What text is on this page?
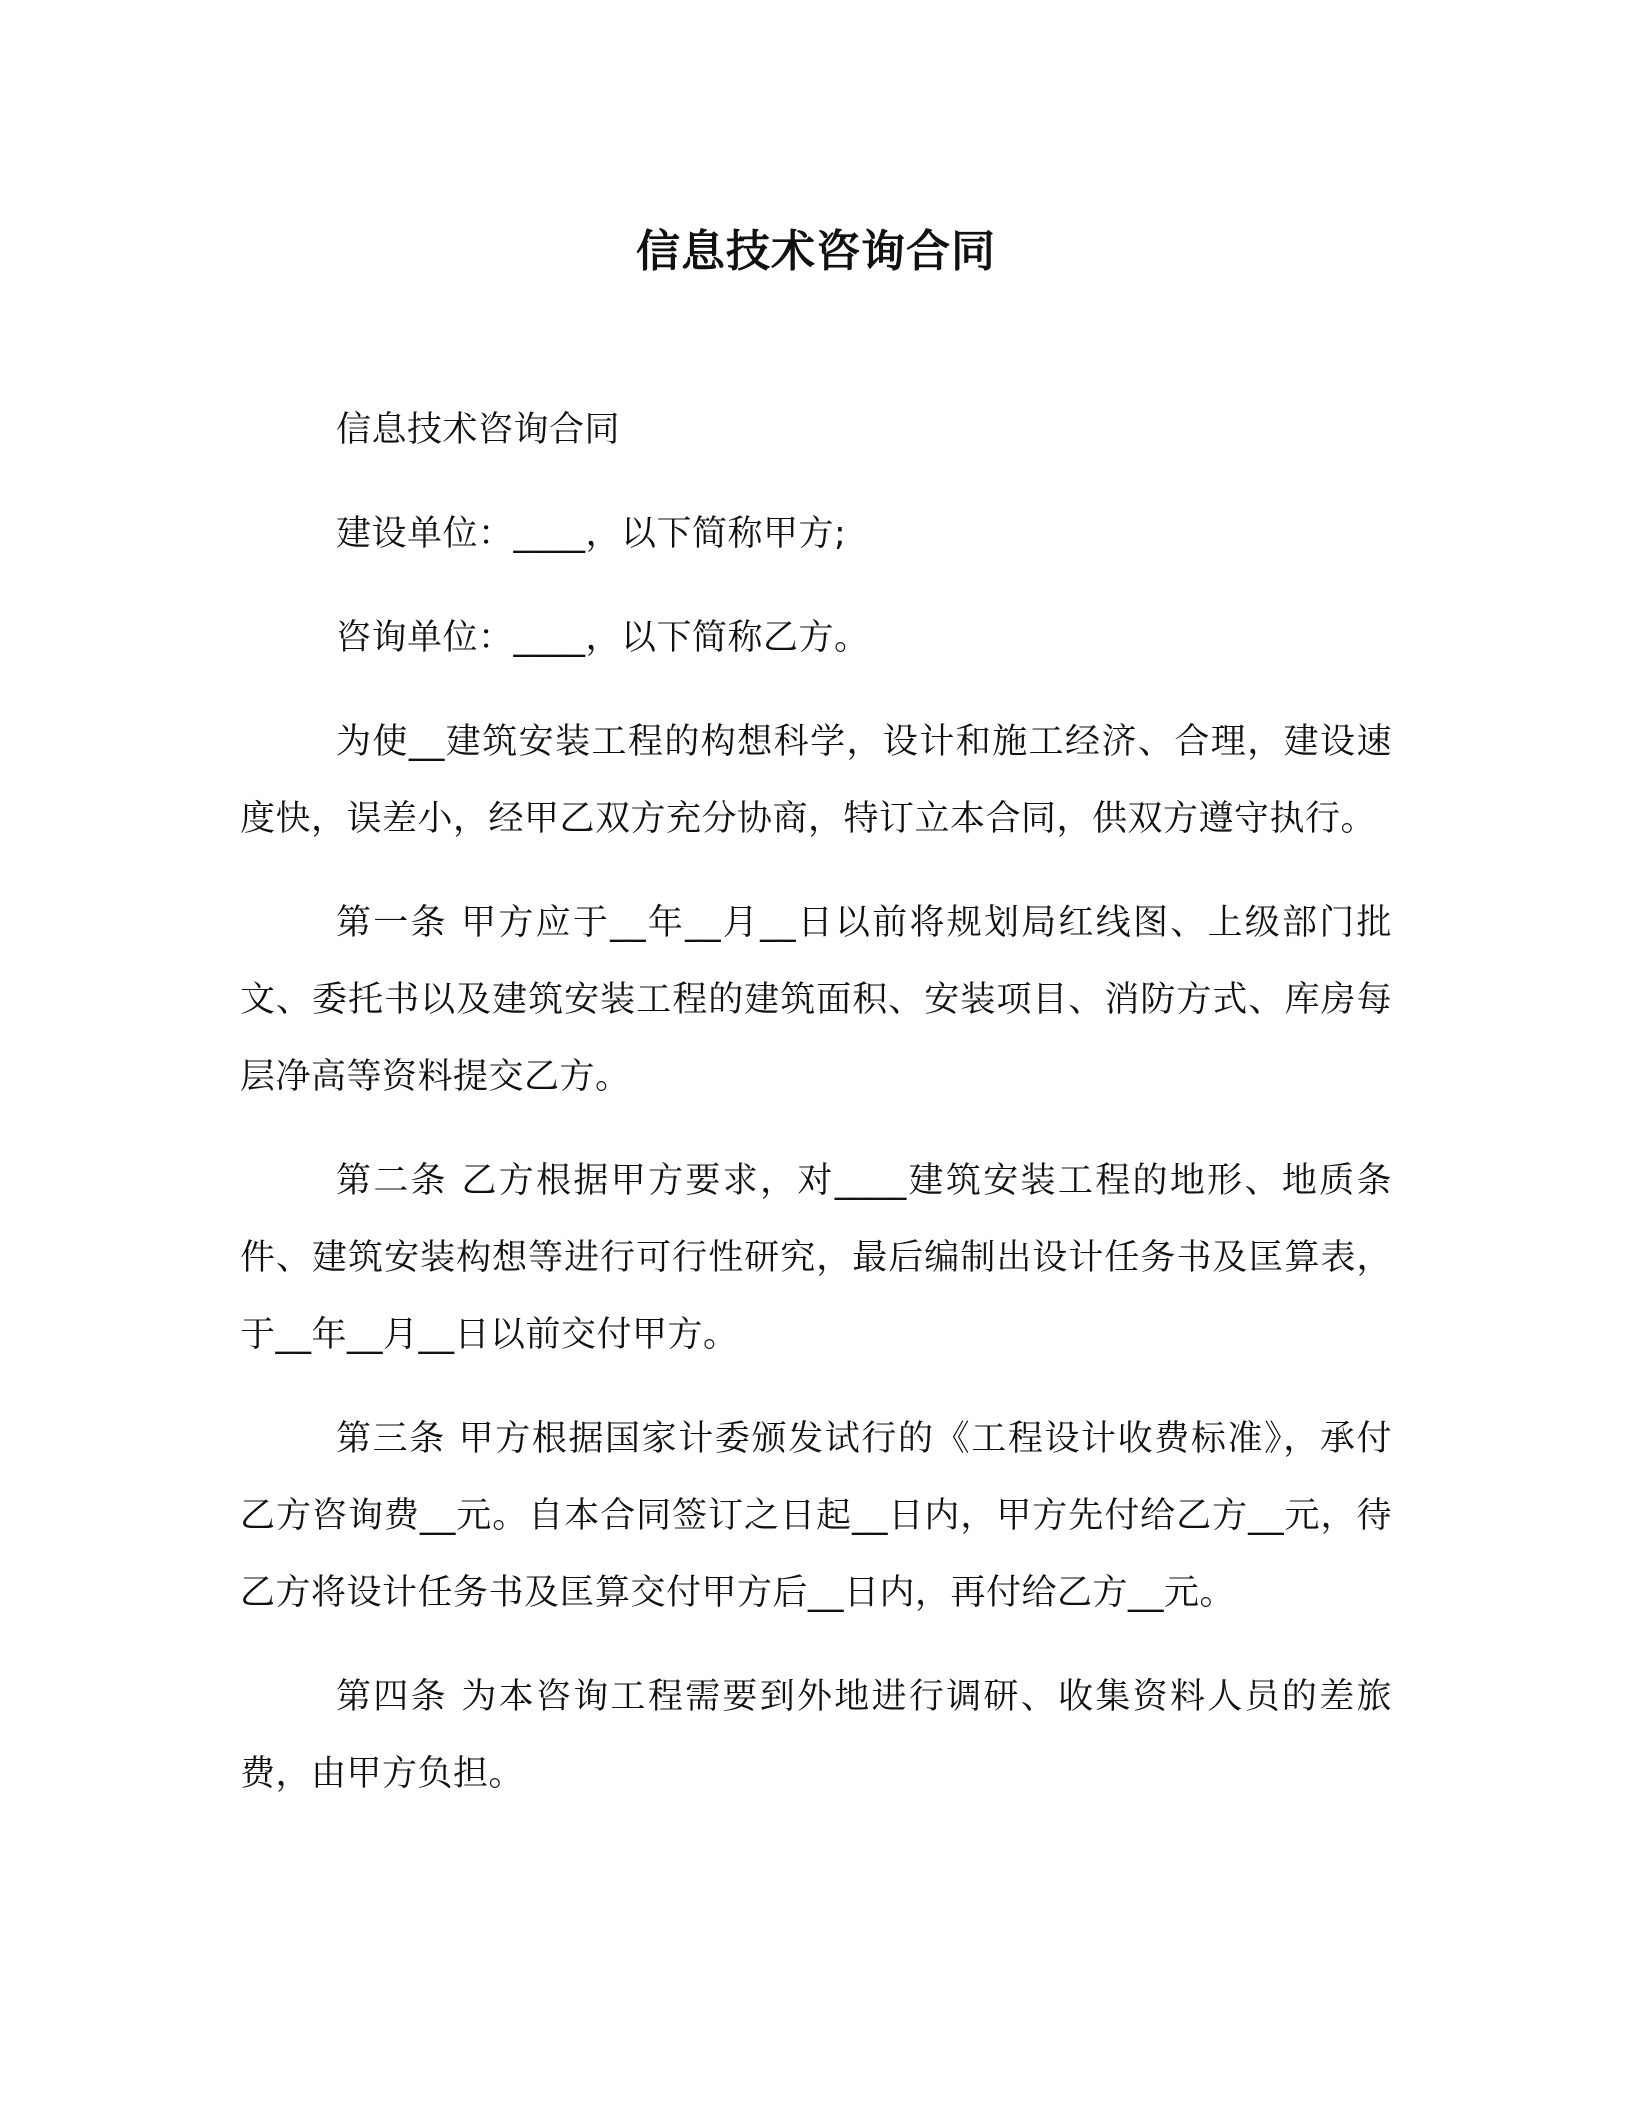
信息技术咨询合同

信息技术咨询合同

建设单位：____，以下简称甲方;

咨询单位：____，以下简称乙方。

为使__建筑安装工程的构想科学，设计和施工经济、合理，建设速度快，误差小，经甲乙双方充分协商，特订立本合同，供双方遵守执行。

第一条 甲方应于__年__月__日以前将规划局红线图、上级部门批文、委托书以及建筑安装工程的建筑面积、安装项目、消防方式、库房每层净高等资料提交乙方。

第二条 乙方根据甲方要求，对____建筑安装工程的地形、地质条件、建筑安装构想等进行可行性研究，最后编制出设计任务书及匡算表，于__年__月__日以前交付甲方。

第三条 甲方根据国家计委颁发试行的《工程设计收费标准》，承付乙方咨询费__元。自本合同签订之日起__日内，甲方先付给乙方__元，待乙方将设计任务书及匡算交付甲方后__日内，再付给乙方__元。

第四条 为本咨询工程需要到外地进行调研、收集资料人员的差旅费，由甲方负担。
